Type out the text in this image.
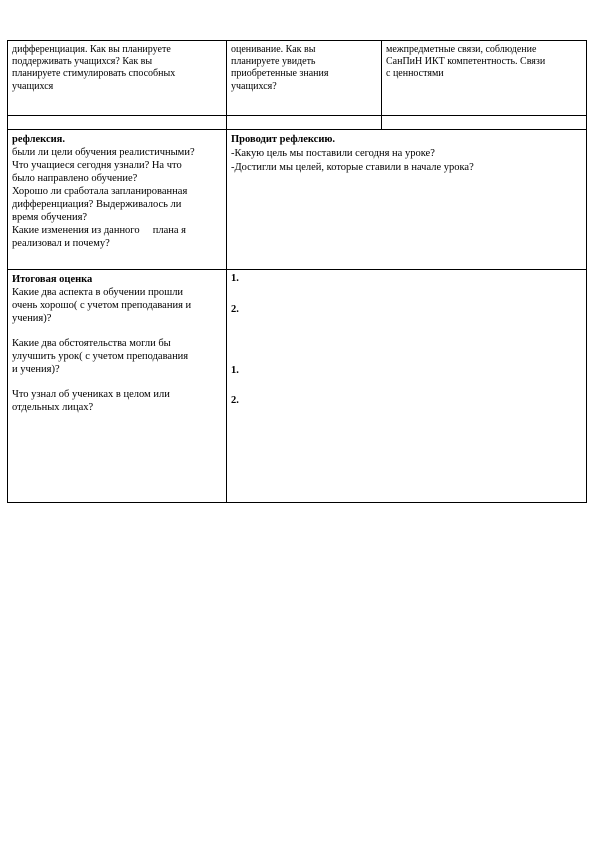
дифференциация. Как вы планируете
поддерживать учащихся? Как вы
планируете стимулировать способных
учащихся
оценивание. Как вы
планируете увидеть
приобретенные знания
учащихся?
межпредметные связи, соблюдение
СанПиН ИКТ компетентность. Связи
с ценностями
рефлексия.
были ли цели обучения реалистичными?
Что учащиеся сегодня узнали? На что
было направлено обучение?
Хорошо ли сработала запланированная
дифференциация? Выдерживалось ли
время обучения?
Какие изменения из данного     плана я
реализовал и почему?
Проводит рефлексию.
-Какую цель мы поставили сегодня на уроке?
-Достигли мы целей, которые ставили в начале урока?
Итоговая оценка
Какие два аспекта в обучении прошли
очень хорошо( с учетом преподавания и
учения)?
Какие два обстоятельства могли бы
улучшить урок( с учетом преподавания
и учения)?
Что узнал об учениках в целом или
отдельных лицах?
1.
2.
1.
2.
